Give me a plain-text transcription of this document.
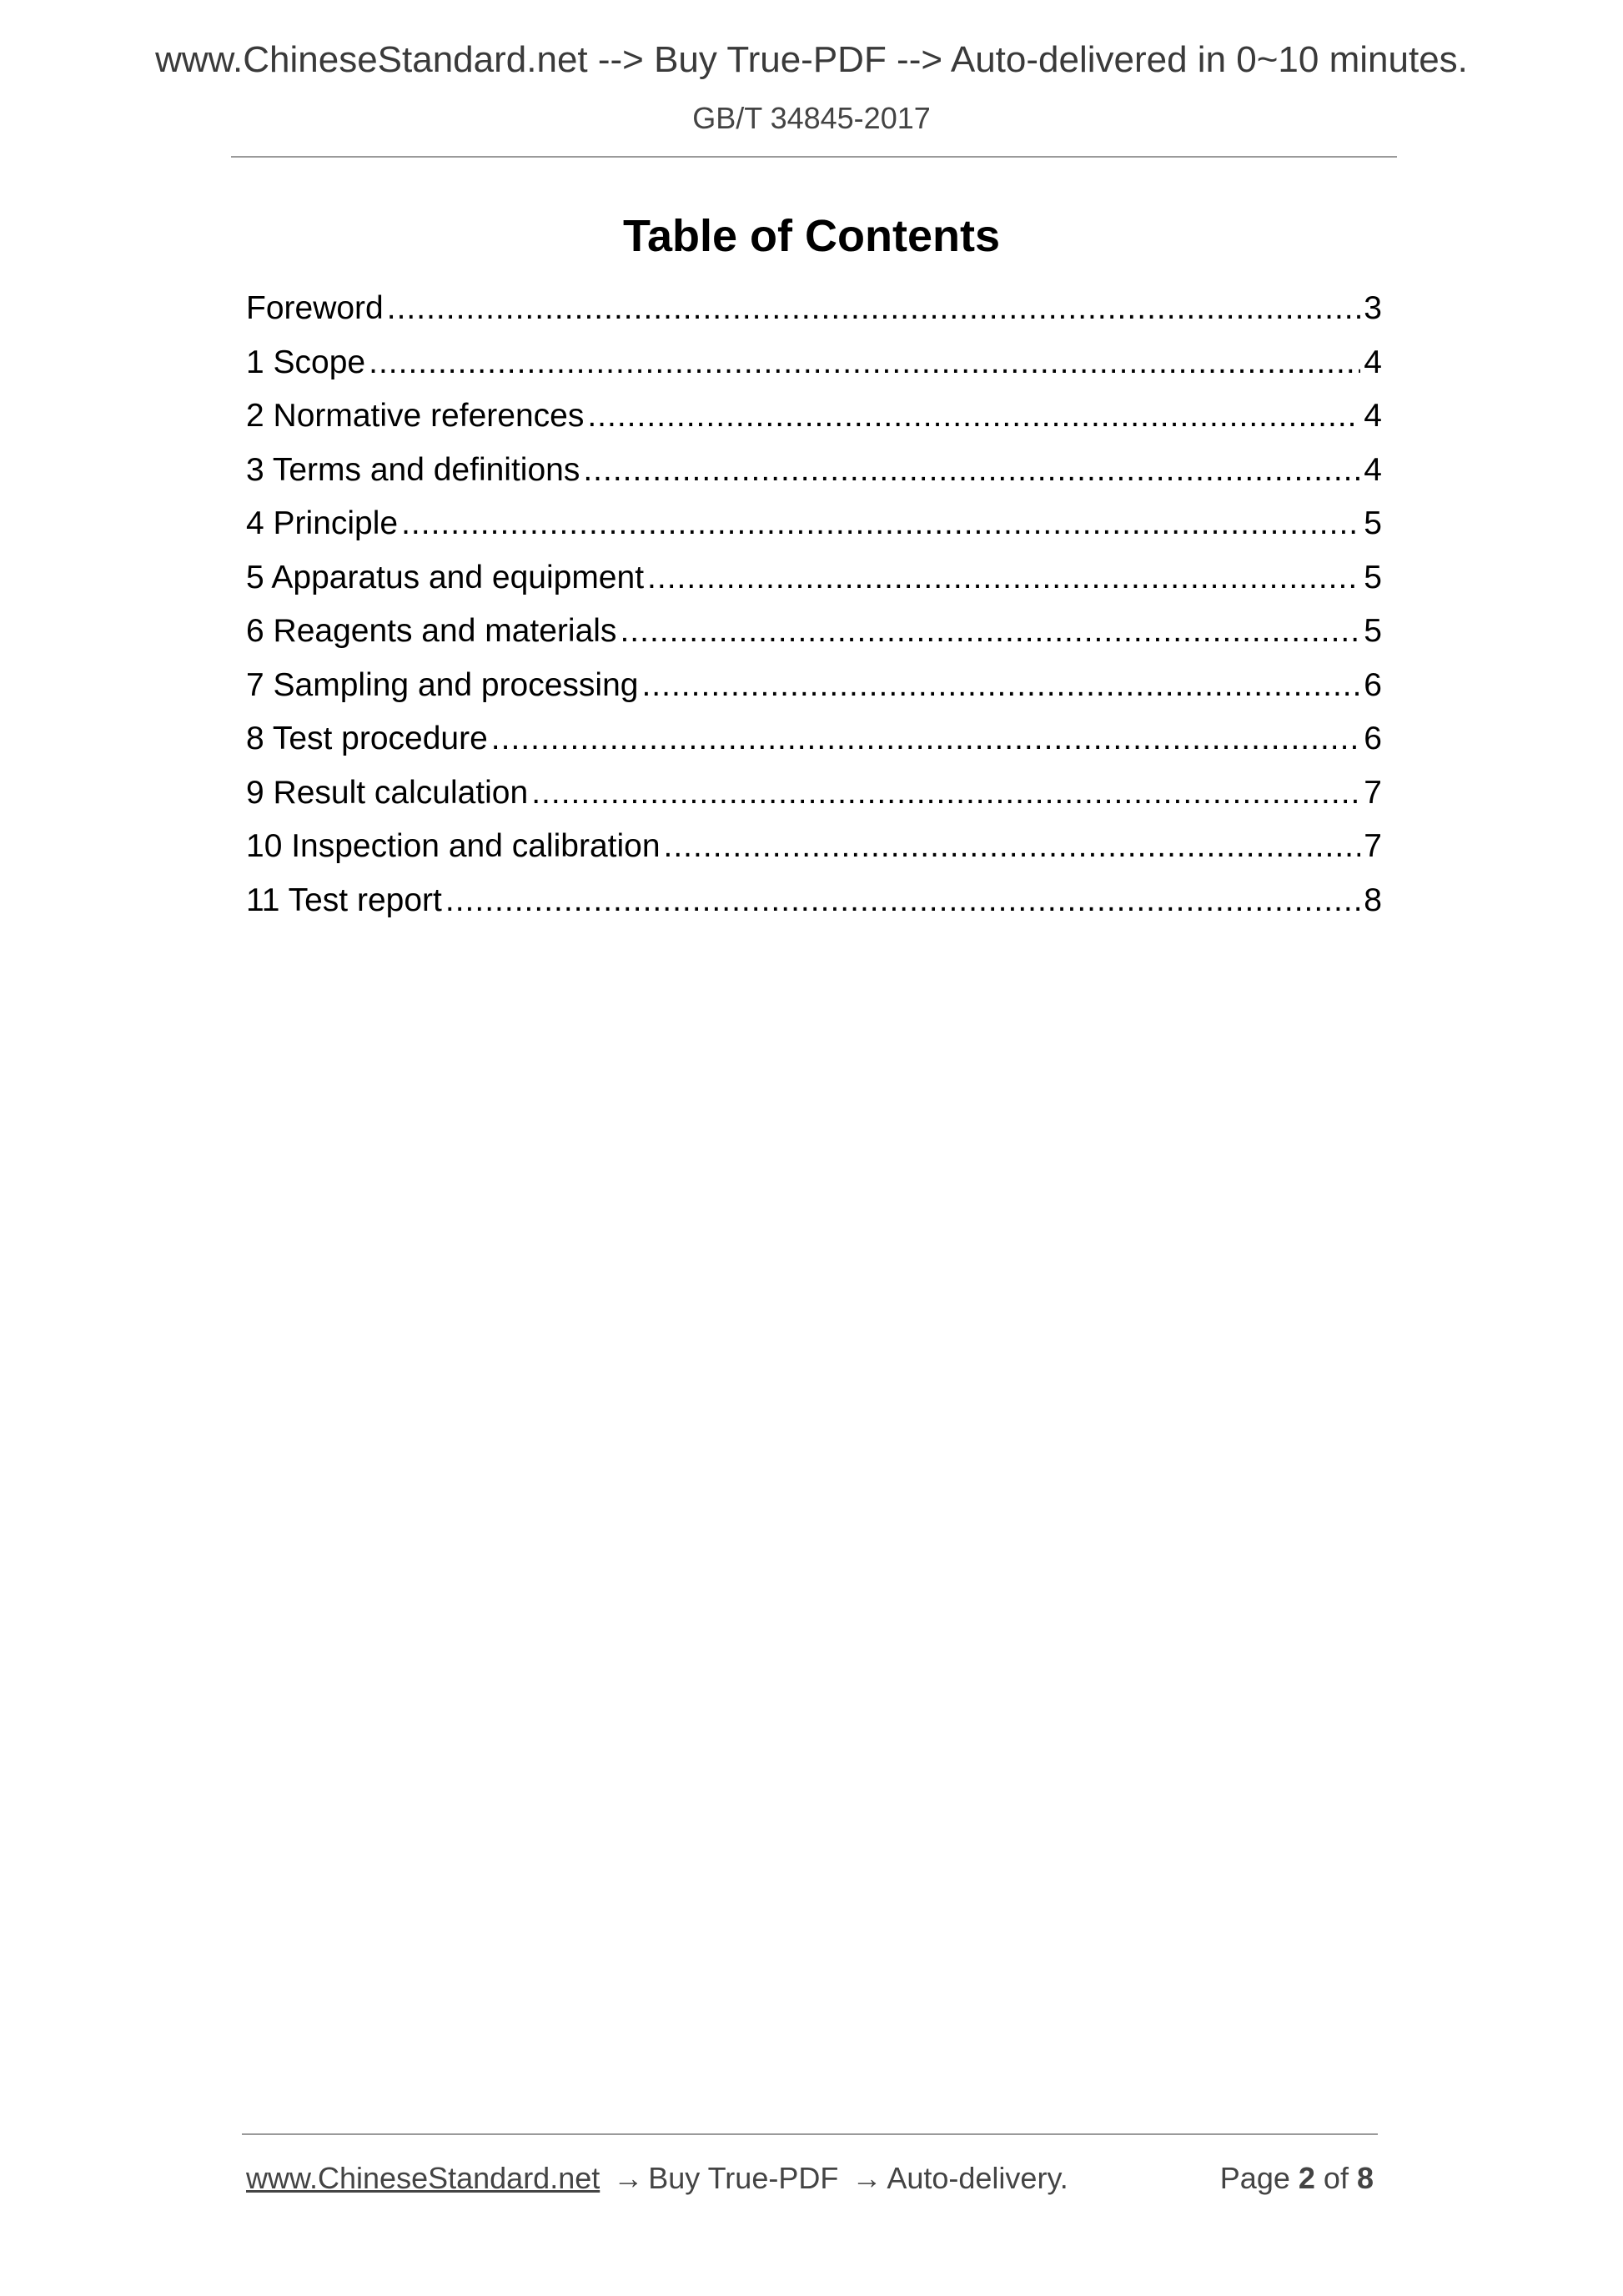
www.ChineseStandard.net --> Buy True-PDF --> Auto-delivered in 0~10 minutes.
GB/T 34845-2017
Table of Contents
Foreword .....	3
1 Scope .....	4
2 Normative references .....	4
3 Terms and definitions .....	4
4 Principle .....	5
5 Apparatus and equipment .....	5
6 Reagents and materials .....	5
7 Sampling and processing .....	6
8 Test procedure .....	6
9 Result calculation .....	7
10 Inspection and calibration .....	7
11 Test report .....	8
www.ChineseStandard.net → Buy True-PDF → Auto-delivery.	Page 2 of 8
